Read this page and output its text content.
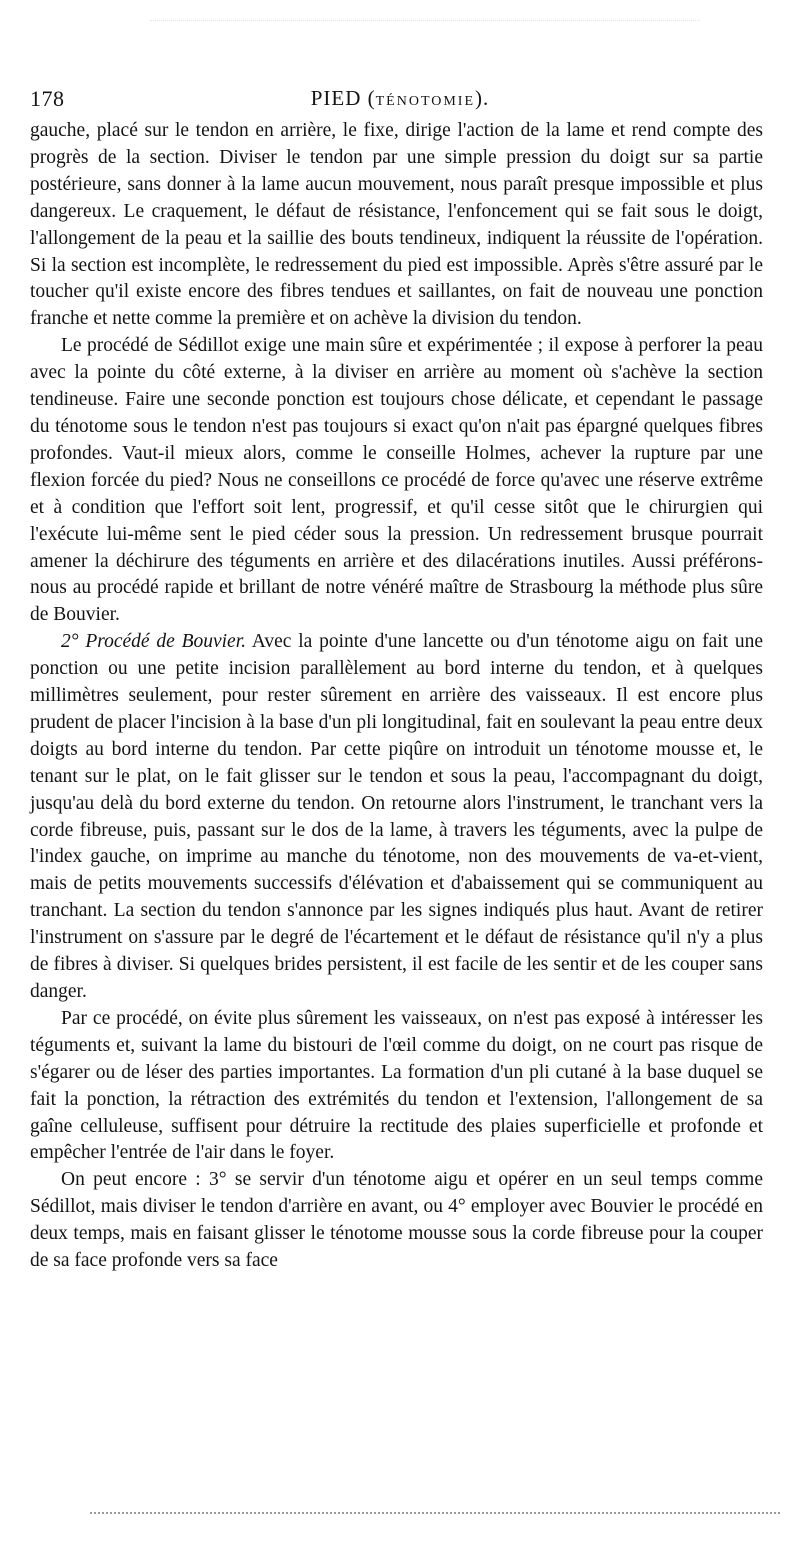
178	PIED (TÉNOTOMIE).

gauche, placé sur le tendon en arrière, le fixe, dirige l'action de la lame et rend compte des progrès de la section. Diviser le tendon par une simple pression du doigt sur sa partie postérieure, sans donner à la lame aucun mouvement, nous paraît presque impossible et plus dangereux. Le craquement, le défaut de résistance, l'enfoncement qui se fait sous le doigt, l'allongement de la peau et la saillie des bouts tendineux, indiquent la réussite de l'opération. Si la section est incomplète, le redressement du pied est impossible. Après s'être assuré par le toucher qu'il existe encore des fibres tendues et saillantes, on fait de nouveau une ponction franche et nette comme la première et on achève la division du tendon.

Le procédé de Sédillot exige une main sûre et expérimentée ; il expose à perforer la peau avec la pointe du côté externe, à la diviser en arrière au moment où s'achève la section tendineuse. Faire une seconde ponction est toujours chose délicate, et cependant le passage du ténotome sous le tendon n'est pas toujours si exact qu'on n'ait pas épargné quelques fibres profondes. Vaut-il mieux alors, comme le conseille Holmes, achever la rupture par une flexion forcée du pied? Nous ne conseillons ce procédé de force qu'avec une réserve extrême et à condition que l'effort soit lent, progressif, et qu'il cesse sitôt que le chirurgien qui l'exécute lui-même sent le pied céder sous la pression. Un redressement brusque pourrait amener la déchirure des téguments en arrière et des dilacérations inutiles. Aussi préférons-nous au procédé rapide et brillant de notre vénéré maître de Strasbourg la méthode plus sûre de Bouvier.

2° Procédé de Bouvier. Avec la pointe d'une lancette ou d'un ténotome aigu on fait une ponction ou une petite incision parallèlement au bord interne du tendon, et à quelques millimètres seulement, pour rester sûrement en arrière des vaisseaux. Il est encore plus prudent de placer l'incision à la base d'un pli longitudinal, fait en soulevant la peau entre deux doigts au bord interne du tendon. Par cette piqûre on introduit un ténotome mousse et, le tenant sur le plat, on le fait glisser sur le tendon et sous la peau, l'accompagnant du doigt, jusqu'au delà du bord externe du tendon. On retourne alors l'instrument, le tranchant vers la corde fibreuse, puis, passant sur le dos de la lame, à travers les téguments, avec la pulpe de l'index gauche, on imprime au manche du ténotome, non des mouvements de va-et-vient, mais de petits mouvements successifs d'élévation et d'abaissement qui se communiquent au tranchant. La section du tendon s'annonce par les signes indiqués plus haut. Avant de retirer l'instrument on s'assure par le degré de l'écartement et le défaut de résistance qu'il n'y a plus de fibres à diviser. Si quelques brides persistent, il est facile de les sentir et de les couper sans danger.

Par ce procédé, on évite plus sûrement les vaisseaux, on n'est pas exposé à intéresser les téguments et, suivant la lame du bistouri de l'œil comme du doigt, on ne court pas risque de s'égarer ou de léser des parties importantes. La formation d'un pli cutané à la base duquel se fait la ponction, la rétraction des extrémités du tendon et l'extension, l'allongement de sa gaîne celluleuse, suffisent pour détruire la rectitude des plaies superficielle et profonde et empêcher l'entrée de l'air dans le foyer.

On peut encore : 3° se servir d'un ténotome aigu et opérer en un seul temps comme Sédillot, mais diviser le tendon d'arrière en avant, ou 4° employer avec Bouvier le procédé en deux temps, mais en faisant glisser le ténotome mousse sous la corde fibreuse pour la couper de sa face profonde vers sa face
